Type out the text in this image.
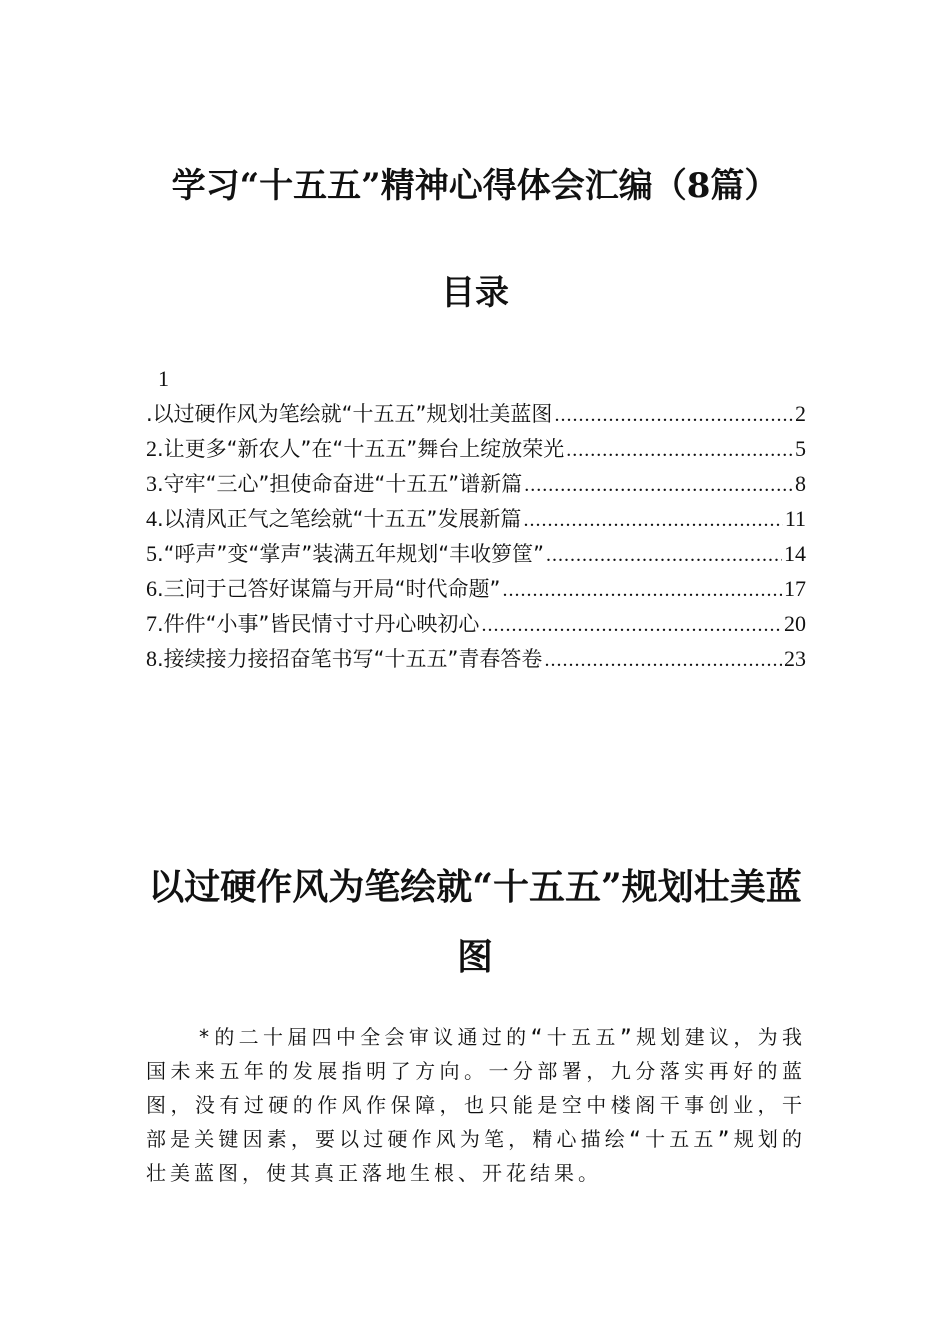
学习“十五五”精神心得体会汇编（8篇）
目录
1
.以过硬作风为笔绘就“十五五”规划壮美蓝图 .....	2
2 .让更多“新农人”在“十五五”舞台上绽放荣光 .....	5
3 .守牢“三心”担使命奋进“十五五”谱新篇 .....	8
4 .以清风正气之笔绘就“十五五”发展新篇 .....	11
5 .“呼声”变“掌声”装满五年规划“丰收箩筐” .....	14
6 .三问于己答好谋篇与开局“时代命题” .....	17
7 .件件“小事”皆民情寸寸丹心映初心 .....	20
8 .接续接力接招奋笔书写“十五五”青春答卷 .....	23
以过硬作风为笔绘就“十五五”规划壮美蓝图

*的二十届四中全会审议通过的“十五五”规划建议，为我国未来五年的发展指明了方向。一分部署，九分落实再好的蓝图，没有过硬的作风作保障，也只能是空中楼阁干事创业，干部是关键因素，要以过硬作风为笔，精心描绘“十五五”规划的壮美蓝图，使其真正落地生根、开花结果。
